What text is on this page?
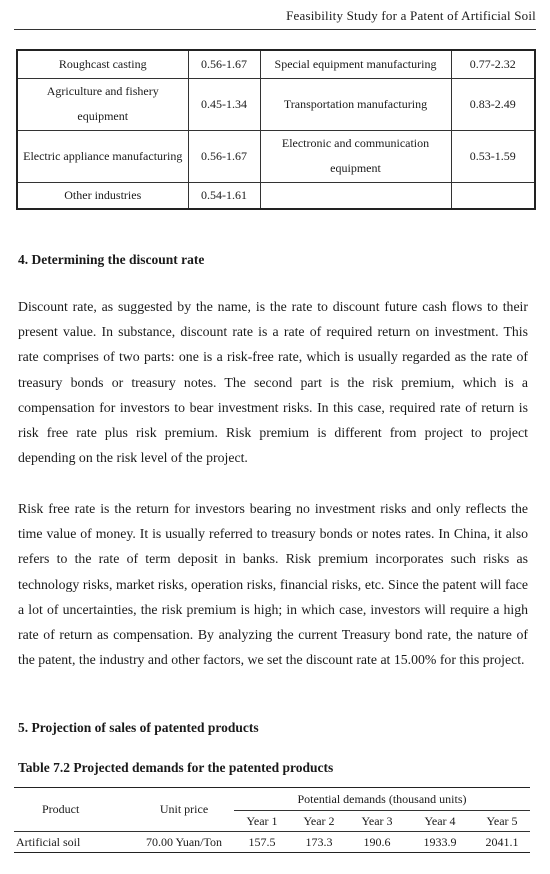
Feasibility Study for a Patent of Artificial Soil
Roughcast casting	0.56-1.67	Special equipment manufacturing	0.77-2.32
Agriculture and fishery equipment	0.45-1.34	Transportation manufacturing	0.83-2.49
Electric appliance manufacturing	0.56-1.67	Electronic and communication equipment	0.53-1.59
Other industries	0.54-1.61		
4. Determining the discount rate

Discount rate, as suggested by the name, is the rate to discount future cash flows to their present value. In substance, discount rate is a rate of required return on investment. This rate comprises of two parts: one is a risk-free rate, which is usually regarded as the rate of treasury bonds or treasury notes. The second part is the risk premium, which is a compensation for investors to bear investment risks. In this case, required rate of return is risk free rate plus risk premium. Risk premium is different from project to project depending on the risk level of the project.

Risk free rate is the return for investors bearing no investment risks and only reflects the time value of money. It is usually referred to treasury bonds or notes rates. In China, it also refers to the rate of term deposit in banks. Risk premium incorporates such risks as technology risks, market risks, operation risks, financial risks, etc. Since the patent will face a lot of uncertainties, the risk premium is high; in which case, investors will require a high rate of return as compensation. By analyzing the current Treasury bond rate, the nature of the patent, the industry and other factors, we set the discount rate at 15.00% for this project.

5. Projection of sales of patented products
Table 7.2 Projected demands for the patented products
Product	Unit price	Potential demands (thousand units)				
		Year 1	Year 2	Year 3	Year 4	Year 5
Artificial soil	70.00 Yuan/Ton	157.5	173.3	190.6	1933.9	2041.1
